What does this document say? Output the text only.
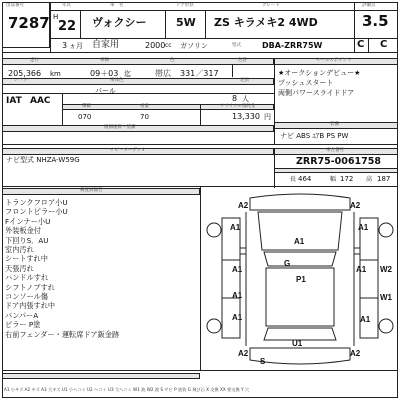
出品番号
7287
年式	車　名	ドア形状	グレード	評価点
H
22 ヴォクシー	5W ZS キラメキ2 4WD	3.5
3 ヵ月 自家用	2000 cc ガソリン	型式	DBA-ZRR75W	C C
走行	車検	色	色替	セールスポイント
205,366 km	09＋03 迄	帯広 331／317
シフト	車体色	定員
パール
IAT AAC	8 人
積載	重量	リサイクル預託金
070	70	13,330 円
後部座席・装備
★オークションデビュー★
プッシュスタート
両側パワースライドドア
装備
ナビ ABS ｴｱB PS PW
ナビ・オーディオ
ナビ型式 NHZA-W59G
車台番号
ZRR75-0061758
長 464	幅 172 高 187
検査員報告
トランクフロア小U
フロントピラー小U
Fインナー小U
外装板金付
下回りS．AU
室内汚れ
シートすれ中
天張汚れ
ハンドルすれ
シフトノブすれ
コンソール傷
ドア内張すれ中
バンパーA
ピラー P塗
右前フェンダー・運転席ドア鈑金跡
A2	A2
A1	A1
A1
G
P1
A1
A1
A1 W2
W1
A1	A1
A2
S
U1
A2
A1 小キズ A2 キズ A3 大キズ U1 小ヘコミ U2 ヘコミ U3 大ヘコミ W1 波 W2 波 S サビ P 塗装 G 飛び石 X 交換 XX 要交換 Y 穴
